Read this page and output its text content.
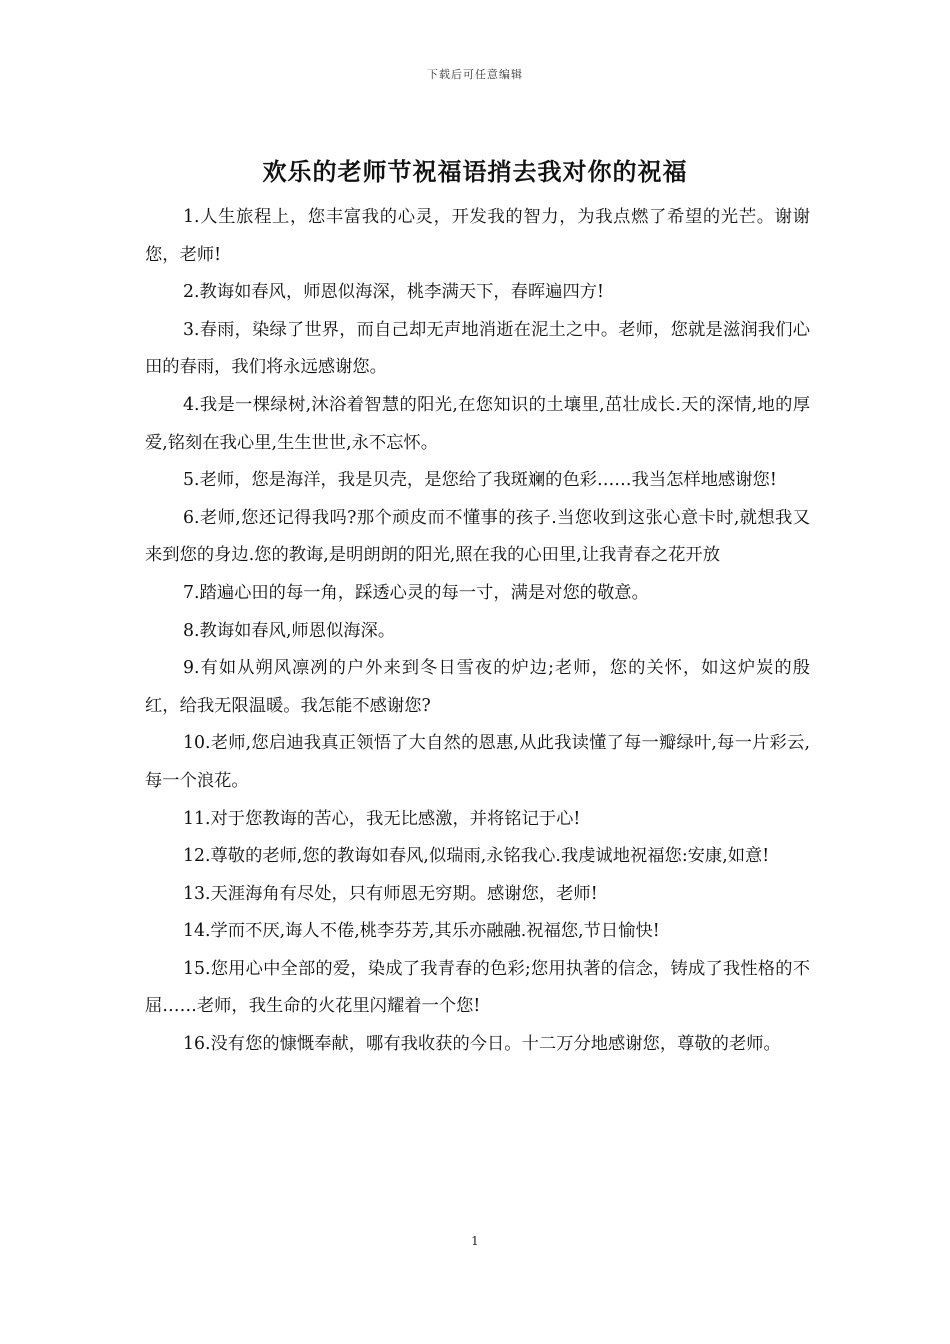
下载后可任意编辑
欢乐的老师节祝福语捎去我对你的祝福

1.人生旅程上，您丰富我的心灵，开发我的智力，为我点燃了希望的光芒。谢谢您，老师!

2.教诲如春风，师恩似海深，桃李满天下，春晖遍四方!

3.春雨，染绿了世界，而自己却无声地消逝在泥土之中。老师，您就是滋润我们心田的春雨，我们将永远感谢您。

4.我是一棵绿树,沐浴着智慧的阳光,在您知识的土壤里,茁壮成长.天的深情,地的厚爱,铭刻在我心里,生生世世,永不忘怀。

5.老师，您是海洋，我是贝壳，是您给了我斑斓的色彩……我当怎样地感谢您!

6.老师,您还记得我吗?那个顽皮而不懂事的孩子.当您收到这张心意卡时,就想我又来到您的身边.您的教诲,是明朗朗的阳光,照在我的心田里,让我青春之花开放

7.踏遍心田的每一角，踩透心灵的每一寸，满是对您的敬意。

8.教诲如春风,师恩似海深。

9.有如从朔风凛冽的户外来到冬日雪夜的炉边;老师，您的关怀，如这炉炭的殷红，给我无限温暖。我怎能不感谢您?

10.老师,您启迪我真正领悟了大自然的恩惠,从此我读懂了每一瓣绿叶,每一片彩云,每一个浪花。

11.对于您教诲的苦心，我无比感激，并将铭记于心!

12.尊敬的老师,您的教诲如春风,似瑞雨,永铭我心.我虔诚地祝福您:安康,如意!

13.天涯海角有尽处，只有师恩无穷期。感谢您，老师!

14.学而不厌,诲人不倦,桃李芬芳,其乐亦融融.祝福您,节日愉快!

15.您用心中全部的爱，染成了我青春的色彩;您用执著的信念，铸成了我性格的不屈……老师，我生命的火花里闪耀着一个您!

16.没有您的慷慨奉献，哪有我收获的今日。十二万分地感谢您，尊敬的老师。

1
